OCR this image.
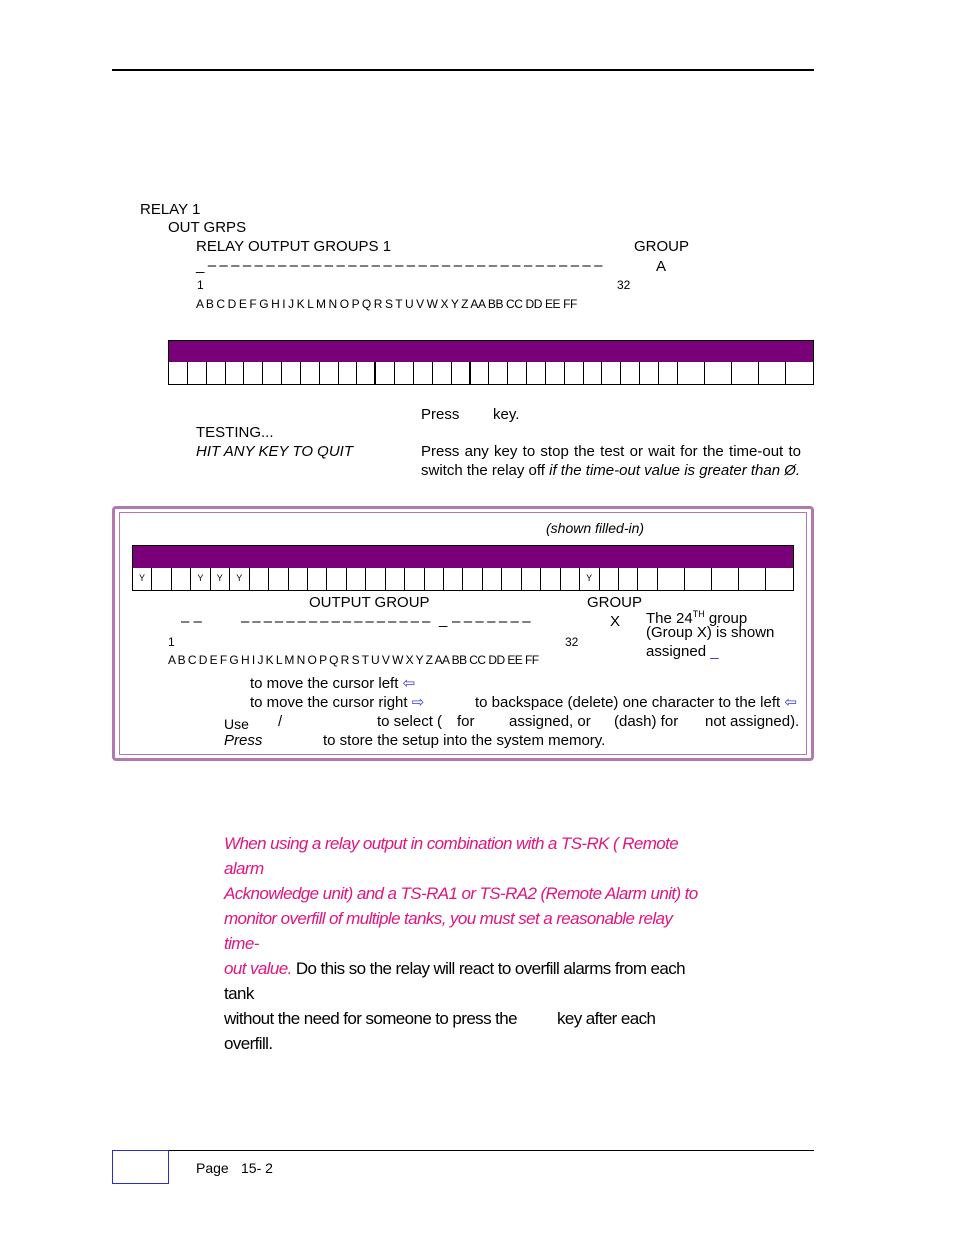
RELAY 1
OUT GRPS
RELAY OUTPUT GROUPS 1	GROUP
_ – – – – – – – – – – – – – – – – – – – – – – – – – – – – – – – – – –	A
1	32
A B C D E F G H I J K L M N O P Q R S T U V W X Y Z AA BB CC DD EE FF
Press key.
TESTING...
HIT ANY KEY TO QUIT	Press any key to stop the test or wait for the time-out to
switch the relay off if the time-out value is greater than Ø.
(shown filled-in)
Y	Y	Y	Y	Y
– –
OUTPUT GROUP
– – – – – – – – – – – – – – – – – _ – – – – – – –
GROUP
X
1	32
A B C D E F G H I J K L M N O P Q R S T U V W X Y Z AA BB CC DD EE FF
The 24TH group
(Group X) is shown
assigned _
to move the cursor left ⇦
to move the cursor right ⇨	to backspace (delete) one character to the left ⇦
Use /	to select ( for assigned, or (dash) for not assigned).
Press	to store the setup into the system memory.
When using a relay output in combination with a TS-RK ( Remote alarm
Acknowledge unit) and a TS-RA1 or TS-RA2 (Remote Alarm unit) to
monitor overfill of multiple tanks, you must set a reasonable relay time-
out value. Do this so the relay will react to overfill alarms from each tank
without the need for someone to press the key after each overfill.
Page 15- 2
